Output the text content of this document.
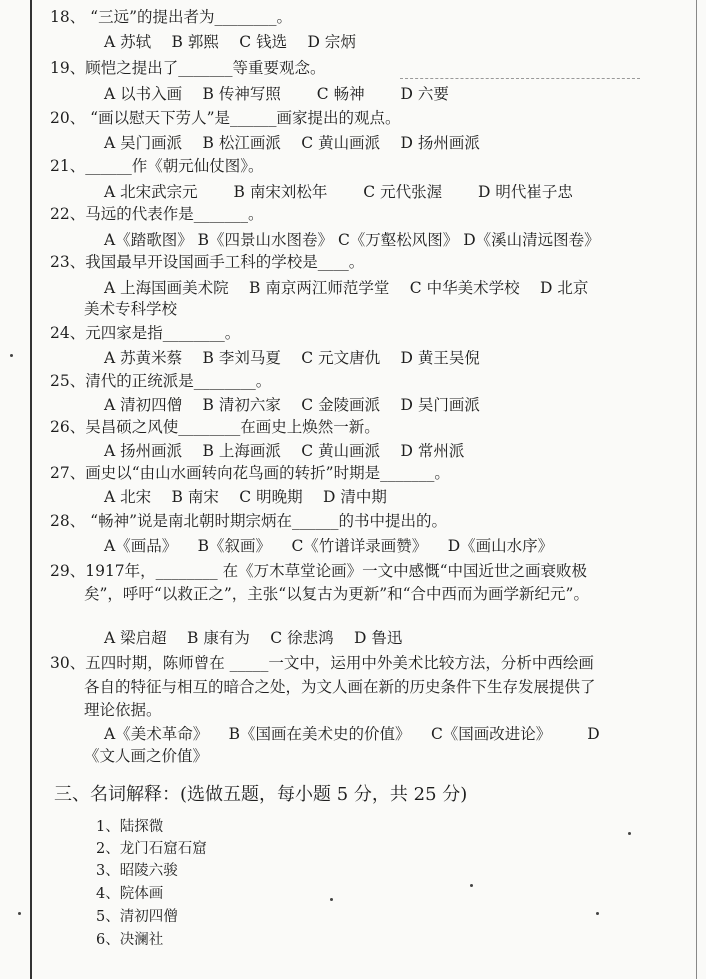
18、 “三远”的提出者为________。
A 苏轼 　B 郭熙 　C 钱选 　D 宗炳
19、顾恺之提出了_______等重要观念。
A 以书入画 　B 传神写照 　　C 畅神 　　D 六要
20、 “画以慰天下劳人”是______画家提出的观点。
A 吴门画派 　B 松江画派 　C 黄山画派 　D 扬州画派
21、______作《朝元仙仗图》。
A 北宋武宗元 　　B 南宋刘松年 　　C 元代张渥 　　D 明代崔子忠
22、马远的代表作是_______。
A《踏歌图》 B《四景山水图卷》 C《万壑松风图》 D《溪山清远图卷》
23、我国最早开设国画手工科的学校是____。
A 上海国画美术院 　B 南京两江师范学堂 　C 中华美术学校 　D 北京
美术专科学校
24、元四家是指________。
A 苏黄米蔡 　B 李刘马夏 　C 元文唐仇 　D 黄王吴倪
25、清代的正统派是________。
A 清初四僧 　B 清初六家 　C 金陵画派 　D 吴门画派
26、吴昌硕之风使________在画史上焕然一新。
A 扬州画派 　B 上海画派 　C 黄山画派 　D 常州派
27、画史以“由山水画转向花鸟画的转折”时期是_______。
A 北宋 　B 南宋 　C 明晚期 　D 清中期
28、 “畅神”说是南北朝时期宗炳在______的书中提出的。
A《画品》 　B《叙画》 　C《竹谱详录画赞》 　D《画山水序》
29、1917年，________ 在《万木草堂论画》一文中感慨“中国近世之画衰败极
矣”，呼吁“以救正之”，主张“以复古为更新”和“合中西而为画学新纪元”。
A 梁启超 　B 康有为 　C 徐悲鸿 　D 鲁迅
30、五四时期，陈师曾在 _____一文中，运用中外美术比较方法，分析中西绘画
各自的特征与相互的暗合之处，为文人画在新的历史条件下生存发展提供了
理论依据。
A《美术革命》 　B《国画在美术史的价值》 　C《国画改进论》 　　D
《文人画之价值》
三、名词解释：(选做五题，每小题 5 分，共 25 分)
1、陆探微
2、龙门石窟石窟
3、昭陵六骏
4、院体画
5、清初四僧
6、决澜社
